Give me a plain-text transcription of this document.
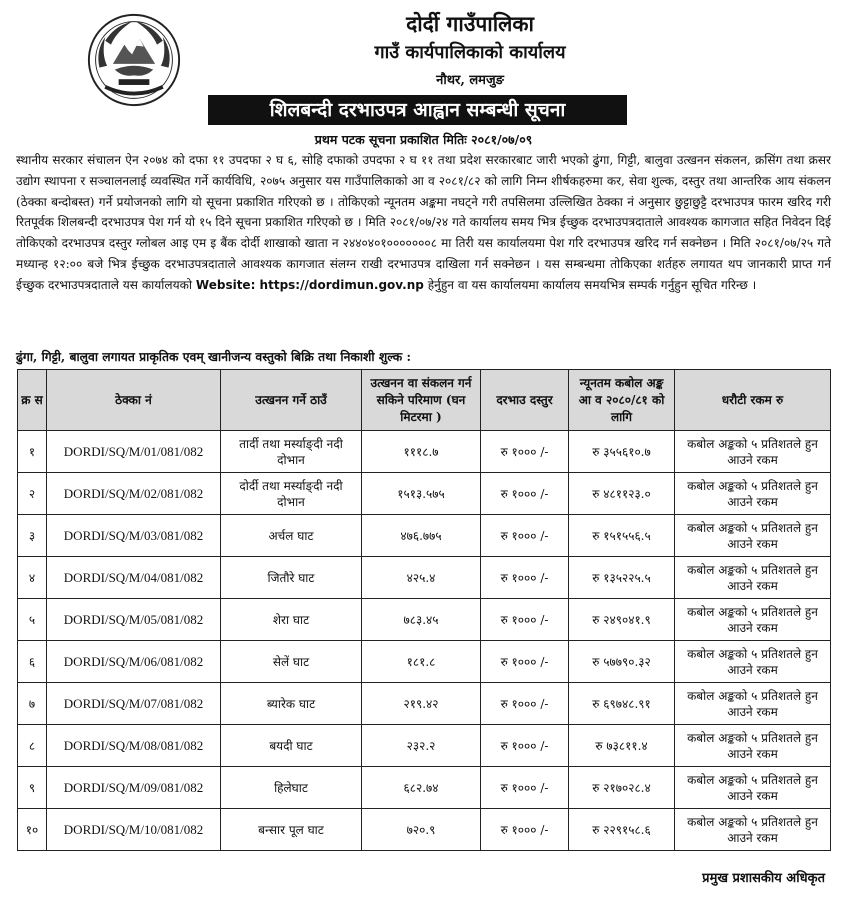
दोर्दी गाउँपालिका
गाउँ कार्यपालिकाको कार्यालय
नौथर, लमजुङ
शिलबन्दी दरभाउपत्र आह्वान सम्बन्धी सूचना
प्रथम पटक सूचना प्रकाशित मितिः २०८१/०७/०९
स्थानीय सरकार संचालन ऐन २०७४ को दफा ११ उपदफा २ घ ६, सोहि दफाको उपदफा २ घ ११ तथा प्रदेश सरकारबाट जारी भएको ढुंगा, गिट्टी, बालुवा उत्खनन संकलन, क्रसिंग तथा क्रसर उद्योग स्थापना र सञ्चालनलाई व्यवस्थित गर्ने कार्यविधि, २०७५ अनुसार यस गाउँपालिकाको आ व २०८१/८२ को लागि निम्न शीर्षकहरुमा कर, सेवा शुल्क, दस्तुर तथा आन्तरिक आय संकलन (ठेक्का बन्दोबस्त) गर्ने प्रयोजनको लागि यो सूचना प्रकाशित गरिएको छ । तोकिएको न्यूनतम अङ्कमा नघट्ने गरी तपसिलमा उल्लिखित ठेक्का नं अनुसार छुट्टाछुट्टै दरभाउपत्र फारम खरिद गरी रितपूर्वक शिलबन्दी दरभाउपत्र पेश गर्न यो १५ दिने सूचना प्रकाशित गरिएको छ । मिति २०८१/०७/२४ गते कार्यालय समय भित्र ईच्छुक दरभाउपत्रदाताले आवश्यक कागजात सहित निवेदन दिई तोकिएको दरभाउपत्र दस्तुर ग्लोबल आइ एम इ बैंक दोर्दी शाखाको खाता न २४४०४०१०००००००८ मा तिरी यस कार्यालयमा पेश गरि दरभाउपत्र खरिद गर्न सक्नेछन । मिति २०८१/०७/२५ गते मध्यान्ह १२:०० बजे भित्र ईच्छुक दरभाउपत्रदाताले आवश्यक कागजात संलग्न राखी दरभाउपत्र दाखिला गर्न सक्नेछन । यस सम्बन्धमा तोकिएका शर्तहरु लगायत थप जानकारी प्राप्त गर्न ईच्छुक दरभाउपत्रदाताले यस कार्यालयको Website: https://dordimun.gov.np हेर्नुहुन वा यस कार्यालयमा कार्यालय समयभित्र सम्पर्क गर्नुहुन सूचित गरिन्छ ।
ढुंगा, गिट्टी, बालुवा लगायत प्राकृतिक एवम् खानीजन्य वस्तुको बिक्रि तथा निकाशी शुल्क :
क्र स	ठेक्का नं	उत्खनन गर्ने ठाउँ	उत्खनन वा संकलन गर्न सकिने परिमाण (घन मिटरमा )	दरभाउ दस्तुर	न्यूनतम कबोल अङ्क आ व २०८०/८१ को लागि	धरौटी रकम रु
१	DORDI/SQ/M/01/081/082	तार्दी तथा मर्स्याङ्दी नदी दोभान	१११८.७	रु १००० /-	रु ३५५६१०.७	कबोल अङ्कको ५ प्रतिशतले हुन आउने रकम
२	DORDI/SQ/M/02/081/082	दोर्दी तथा मर्स्याङ्दी नदी दोभान	१५१३.५७५	रु १००० /-	रु ४८११२३.०	कबोल अङ्कको ५ प्रतिशतले हुन आउने रकम
३	DORDI/SQ/M/03/081/082	अर्चल घाट	४७६.७७५	रु १००० /-	रु १५१५५६.५	कबोल अङ्कको ५ प्रतिशतले हुन आउने रकम
४	DORDI/SQ/M/04/081/082	जितौरे घाट	४२५.४	रु १००० /-	रु १३५२२५.५	कबोल अङ्कको ५ प्रतिशतले हुन आउने रकम
५	DORDI/SQ/M/05/081/082	शेरा घाट	७८३.४५	रु १००० /-	रु २४९०४१.९	कबोल अङ्कको ५ प्रतिशतले हुन आउने रकम
६	DORDI/SQ/M/06/081/082	सेलें घाट	१८१.८	रु १००० /-	रु ५७७९०.३२	कबोल अङ्कको ५ प्रतिशतले हुन आउने रकम
७	DORDI/SQ/M/07/081/082	ब्यारेक घाट	२१९.४२	रु १००० /-	रु ६९७४८.९१	कबोल अङ्कको ५ प्रतिशतले हुन आउने रकम
८	DORDI/SQ/M/08/081/082	बयदी घाट	२३२.२	रु १००० /-	रु ७३८११.४	कबोल अङ्कको ५ प्रतिशतले हुन आउने रकम
९	DORDI/SQ/M/09/081/082	हिलेघाट	६८२.७४	रु १००० /-	रु २१७०२८.४	कबोल अङ्कको ५ प्रतिशतले हुन आउने रकम
१०	DORDI/SQ/M/10/081/082	बन्सार पूल घाट	७२०.९	रु १००० /-	रु २२९१५८.६	कबोल अङ्कको ५ प्रतिशतले हुन आउने रकम
प्रमुख प्रशासकीय अधिकृत
